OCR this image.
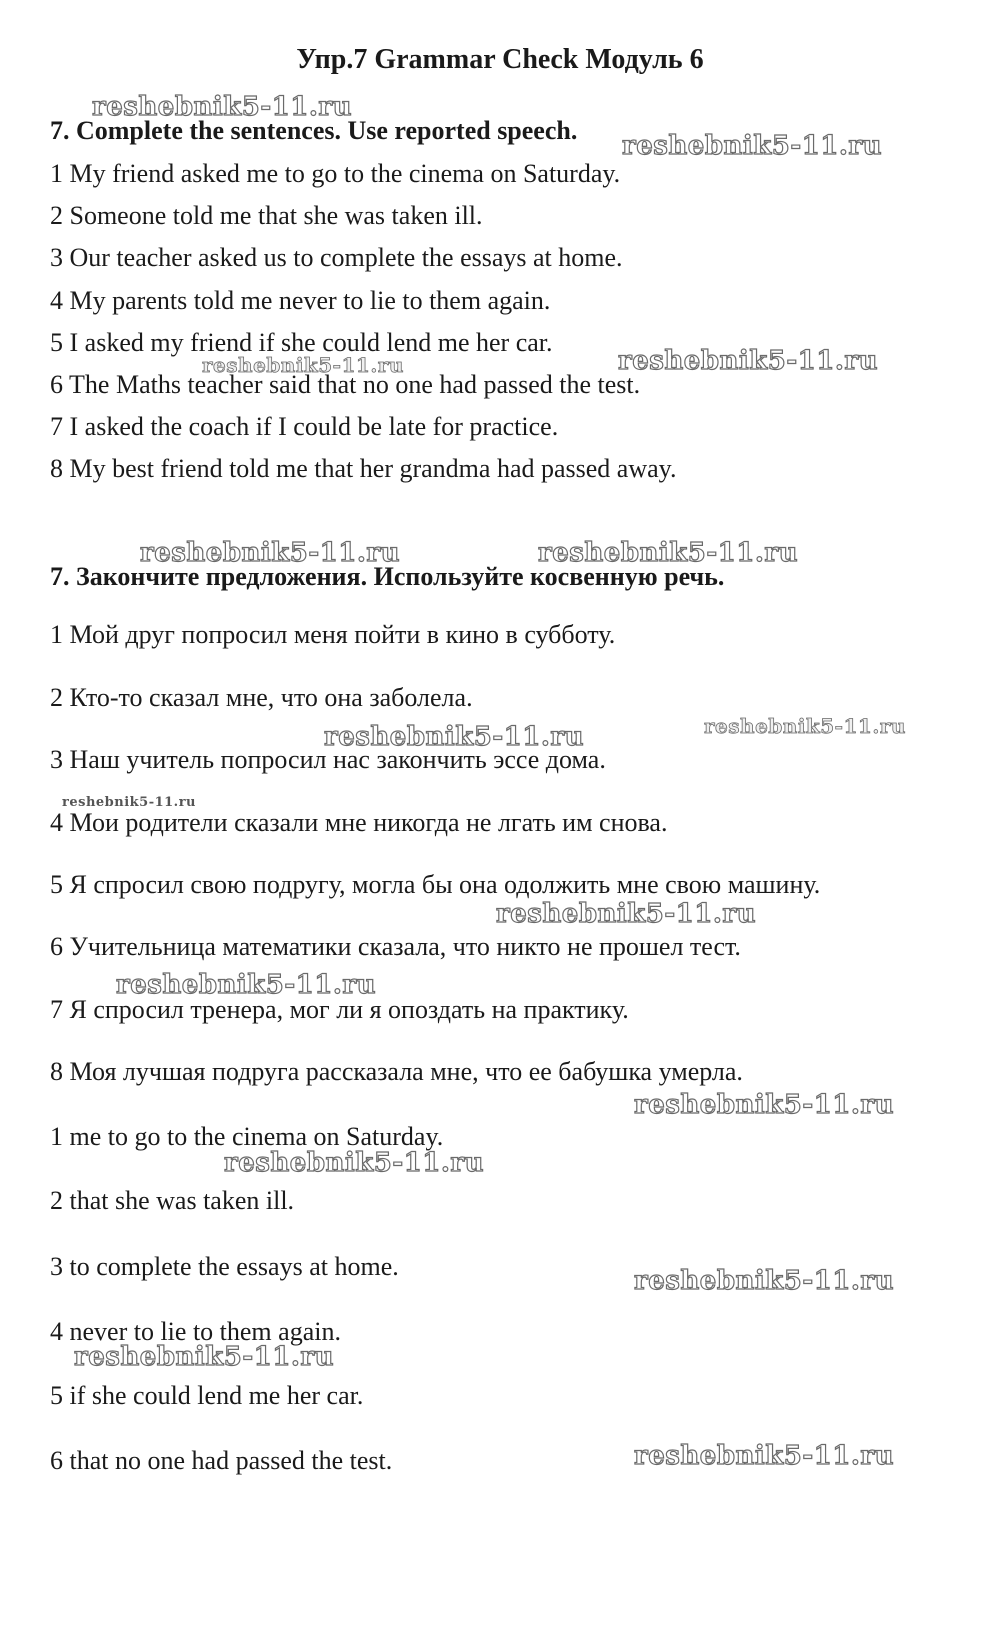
Упр.7 Grammar Check Модуль 6
7. Complete the sentences. Use reported speech.
1 My friend asked me to go to the cinema on Saturday.
2 Someone told me that she was taken ill.
3 Our teacher asked us to complete the essays at home.
4 My parents told me never to lie to them again.
5 I asked my friend if she could lend me her car.
6 The Maths teacher said that no one had passed the test.
7 I asked the coach if I could be late for practice.
8 My best friend told me that her grandma had passed away.
7. Закончите предложения. Используйте косвенную речь.
1 Мой друг попросил меня пойти в кино в субботу.
2 Кто-то сказал мне, что она заболела.
3 Наш учитель попросил нас закончить эссе дома.
4 Мои родители сказали мне никогда не лгать им снова.
5 Я спросил свою подругу, могла бы она одолжить мне свою машину.
6 Учительница математики сказала, что никто не прошел тест.
7 Я спросил тренера, мог ли я опоздать на практику.
8 Моя лучшая подруга рассказала мне, что ее бабушка умерла.
1 me to go to the cinema on Saturday.
2 that she was taken ill.
3 to complete the essays at home.
4 never to lie to them again.
5 if she could lend me her car.
6 that no one had passed the test.
reshebnik5-11.ru
reshebnik5-11.ru
reshebnik5-11.ru	reshebnik5-11.ru
reshebnik5-11.ru	reshebnik5-11.ru
reshebnik5-11.ru
reshebnik5-11.ru
reshebnik5-11.ru
reshebnik5-11.ru
reshebnik5-11.ru
reshebnik5-11.ru
reshebnik5-11.ru
reshebnik5-11.ru
reshebnik5-11.ru
reshebnik5-11.ru
